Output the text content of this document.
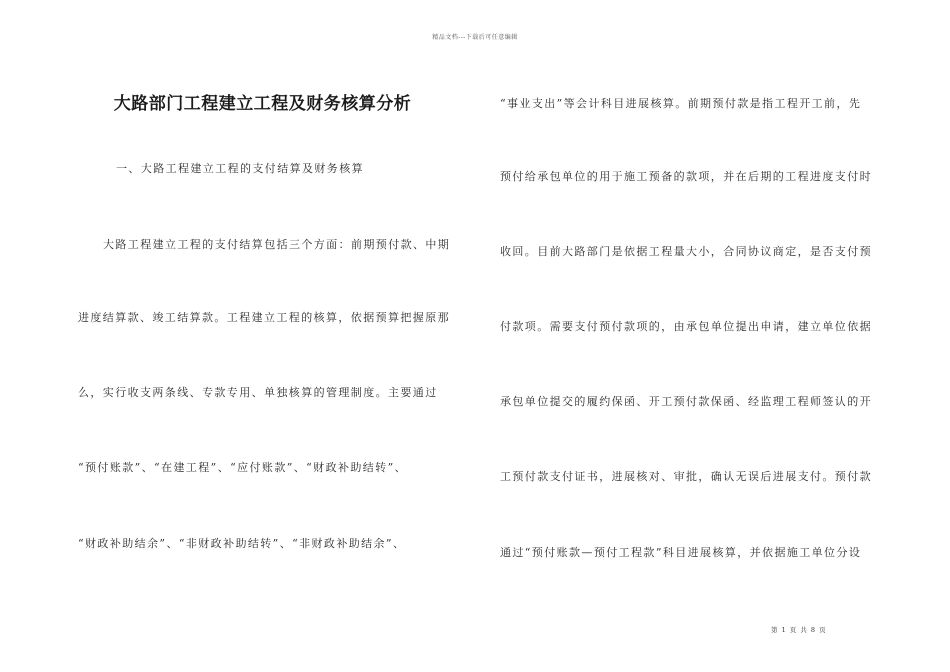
精品文档---下载后可任意编辑
大路部门工程建立工程及财务核算分析
一、大路工程建立工程的支付结算及财务核算
大路工程建立工程的支付结算包括三个方面：前期预付款、中期
进度结算款、竣工结算款。工程建立工程的核算，依据预算把握原那
么，实行收支两条线、专款专用、单独核算的管理制度。主要通过
“预付账款”、“在建工程”、“应付账款”、“财政补助结转”、
“财政补助结余”、“非财政补助结转”、“非财政补助结余”、
“事业支出”等会计科目进展核算。前期预付款是指工程开工前，先
预付给承包单位的用于施工预备的款项，并在后期的工程进度支付时
收回。目前大路部门是依据工程量大小，合同协议商定，是否支付预
付款项。需要支付预付款项的，由承包单位提出申请，建立单位依据
承包单位提交的履约保函、开工预付款保函、经监理工程师签认的开
工预付款支付证书，进展核对、审批，确认无误后进展支付。预付款
通过“预付账款—预付工程款”科目进展核算，并依据施工单位分设
第 1 页 共 8 页
